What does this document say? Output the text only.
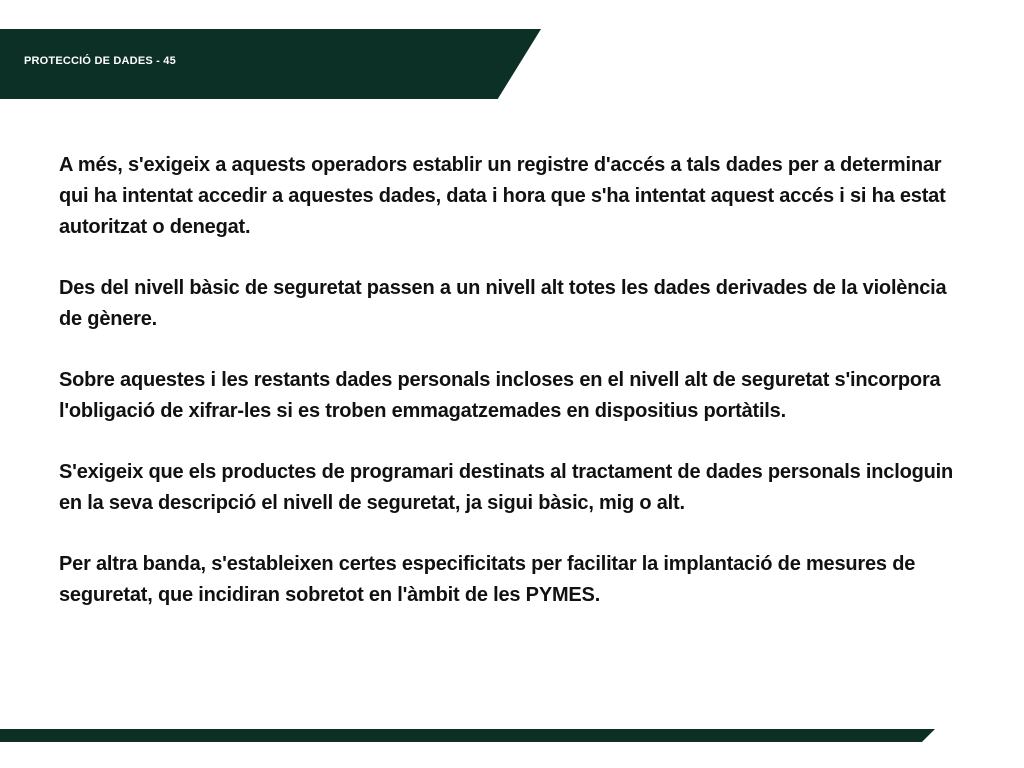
PROTECCIÓ DE DADES - 45

A més, s'exigeix a aquests operadors establir un registre d'accés a tals dades per a determinar qui ha intentat accedir a aquestes dades, data i hora que s'ha intentat aquest accés i si ha estat autoritzat o denegat.

Des del nivell bàsic de seguretat passen a un nivell alt totes les dades derivades de la violència de gènere.

Sobre aquestes i les restants dades personals incloses en el nivell alt de seguretat s'incorpora l'obligació de xifrar-les si es troben emmagatzemades en dispositius portàtils.

S'exigeix que els productes de programari destinats al tractament de dades personals incloguin en la seva descripció el nivell de seguretat, ja sigui bàsic, mig o alt.

Per altra banda, s'estableixen certes especificitats per facilitar la implantació de mesures de seguretat, que incidiran sobretot en l'àmbit de les PYMES.
